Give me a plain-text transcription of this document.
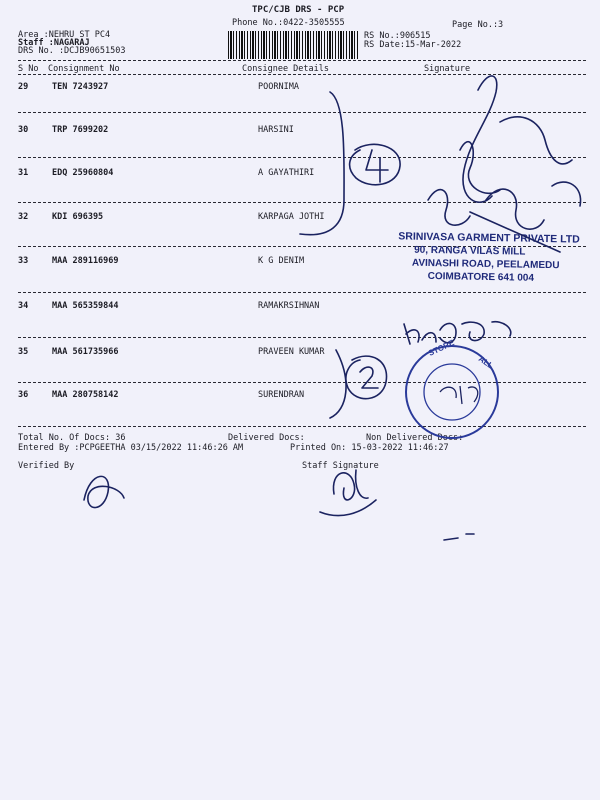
TPC/CJB DRS - PCP
Phone No.:0422-3505555	Page No.:3
Area :NEHRU ST PC4
Staff :NAGARAJ
DRS No. :DCJB90651503
RS No.:906515
RS Date:15-Mar-2022
S No Consignment No	Consignee Details	Signature
29	TEN 7243927	POORNIMA
30	TRP 7699202	HARSINI
31	EDQ 25960804	A GAYATHIRI
32	KDI 696395	KARPAGA JOTHI
33	MAA 289116969	K G DENIM
34	MAA 565359844	RAMAKRSIHNAN
35	MAA 561735966	PRAVEEN KUMAR
36	MAA 280758142	SURENDRAN
Total No. Of Docs: 36	Delivered Docs:	Non Delivered Docs:
Entered By :PCPGEETHA 03/15/2022 11:46:26 AM	Printed On: 15-03-2022 11:46:27
Verified By	Staff Signature
SRINIVASA GARMENT PRIVATE LTD
90, RANGA VILAS MILL
AVINASHI ROAD, PEELAMEDU
COIMBATORE 641 004
STORE
ALL
